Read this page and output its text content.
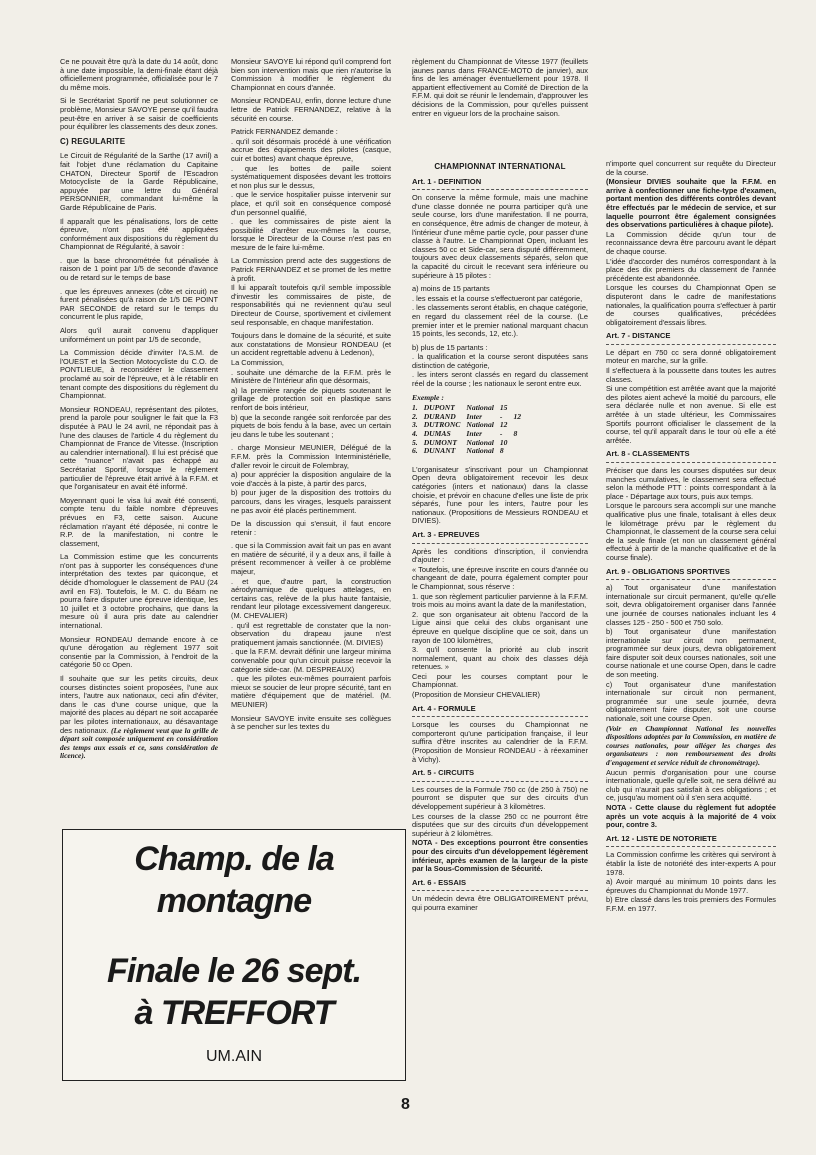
Ce ne pouvait être qu'à la date du 14 août, donc à une date impossible, la demi-finale étant déjà officiellement programmée, officialisée pour le 7 du même mois.

Si le Secrétariat Sportif ne peut solutionner ce problème, Monsieur SAVOYE pense qu'il faudra peut-être en arriver à se saisir de coefficients pour équilibrer les classements des deux zones.

C) REGULARITE

Le Circuit de Régularité de la Sarthe (17 avril) a fait l'objet d'une réclamation du Capitaine CHATON, Directeur Sportif de l'Escadron Motocycliste de la Garde Républicaine, appuyée par une lettre du Général PERSONNIER, commandant lui-même la Garde Républicaine de Paris.

Il apparaît que les pénalisations, lors de cette épreuve, n'ont pas été appliquées conformément aux dispositions du règlement du Championnat de Régularité, à savoir :

. que la base chronométrée fut pénalisée à raison de 1 point par 1/5 de seconde d'avance ou de retard sur le temps de base

. que les épreuves annexes (côte et circuit) ne furent pénalisées qu'à raison de 1/5 DE POINT PAR SECONDE de retard sur le temps du concurrent le plus rapide,

Alors qu'il aurait convenu d'appliquer uniformément un point par 1/5 de seconde,

La Commission décide d'inviter l'A.S.M. de l'OUEST et la Section Motocycliste du C.O. de PONTLIEUE, à reconsidérer le classement proclamé au soir de l'épreuve, et à le rétablir en tenant compte des dispositions du règlement du Championnat.

Monsieur RONDEAU, représentant des pilotes, prend la parole pour souligner le fait que la F3 disputée à PAU le 24 avril, ne répondait pas à l'une des clauses de l'article 4 du règlement du Championnat de France de Vitesse. (Inscription au calendrier international). Il lui est précisé que cette "nuance" n'avait pas échappé au Secrétariat Sportif, lorsque le règlement particulier de l'épreuve était arrivé à la F.F.M. et que l'organisateur en avait été informé.

Moyennant quoi le visa lui avait été consenti, compte tenu du faible nombre d'épreuves prévues en F3, cette saison. Aucune réclamation n'ayant été déposée, ni contre le R.P. de la manifestation, ni contre le classement,

La Commission estime que les concurrents n'ont pas à supporter les conséquences d'une interprétation des textes par quiconque, et décide d'homologuer le classement de PAU (24 avril en F3). Toutefois, le M. C. du Béarn ne pourra faire disputer une épreuve identique, les 10 juillet et 3 octobre prochains, que dans la mesure où il aura pris date au calendrier international.

Monsieur RONDEAU demande encore à ce qu'une dérogation au règlement 1977 soit consentie par la Commission, à l'endroit de la catégorie 50 cc Open.

Il souhaite que sur les petits circuits, deux courses distinctes soient proposées, l'une aux inters, l'autre aux nationaux, ceci afin d'éviter, dans le cas d'une course unique, que la majorité des places au départ ne soit accaparée par les pilotes internationaux, au désavantage des nationaux. (Le règlement veut que la grille de départ soit composée uniquement en considération des temps aux essais et ce, sans considération de licence).

Monsieur SAVOYE lui répond qu'il comprend fort bien son intervention mais que rien n'autorise la Commission à modifier le règlement du Championnat en cours d'année.

Monsieur RONDEAU, enfin, donne lecture d'une lettre de Patrick FERNANDEZ, relative à la sécurité en course.

Patrick FERNANDEZ demande :

. qu'il soit désormais procédé à une vérification accrue des équipements des pilotes (casque, cuir et bottes) avant chaque épreuve,

. que les bottes de paille soient systématiquement disposées devant les trottoirs et non plus sur le dessus,

. que le service hospitalier puisse intervenir sur place, et qu'il soit en conséquence composé d'un personnel qualifié,

. que les commissaires de piste aient la possibilité d'arrêter eux-mêmes la course, lorsque le Directeur de la Course n'est pas en mesure de le faire lui-même.

La Commission prend acte des suggestions de Patrick FERNANDEZ et se promet de les mettre à profit.

Il lui apparaît toutefois qu'il semble impossible d'investir les commissaires de piste, de responsabilités qui ne reviennent qu'au seul Directeur de Course, sportivement et civilement seul responsable, en chaque manifestation.

Toujours dans le domaine de la sécurité, et suite aux constatations de Monsieur RONDEAU (et un accident regrettable advenu à Ledenon),

La Commission,

. souhaite une démarche de la F.F.M. près le Ministère de l'Intérieur afin que désormais,

a) la première rangée de piquets soutenant le grillage de protection soit en plastique sans renfort de bois intérieur,

b) que la seconde rangée soit renforcée par des piquets de bois fendu à la base, avec un certain jeu dans le tube les soutenant ;

. charge Monsieur MEUNIER, Délégué de la F.F.M. près la Commission Interministérielle, d'aller revoir le circuit de Folembray,

a) pour apprécier la disposition angulaire de la voie d'accès à la piste, à partir des parcs,

b) pour juger de la disposition des trottoirs du parcours, dans les virages, lesquels paraissent ne pas avoir été placés pertinemment.

De la discussion qui s'ensuit, il faut encore retenir :

. que si la Commission avait fait un pas en avant en matière de sécurité, il y a deux ans, il faille à présent recommencer à veiller à ce problème majeur,

. et que, d'autre part, la construction aérodynamique de quelques attelages, en certains cas, relève de la plus haute fantaisie, rendant leur pilotage excessivement dangereux. (M. CHEVALIER)

. qu'il est regrettable de constater que la non-observation du drapeau jaune n'est pratiquement jamais sanctionnée. (M. DIVIES)

. que la F.F.M. devrait définir une largeur minima convenable pour qu'un circuit puisse recevoir la catégorie side-car. (M. DESPREAUX)

. que les pilotes eux-mêmes pourraient parfois mieux se soucier de leur propre sécurité, tant en matière d'équipement que de matériel. (M. MEUNIER)

Monsieur SAVOYE invite ensuite ses collègues à se pencher sur les textes du

règlement du Championnat de Vitesse 1977 (feuillets jaunes parus dans FRANCE-MOTO de janvier), aux fins de les aménager éventuellement pour 1978. Il appartient effectivement au Comité de Direction de la F.F.M. qui doit se réunir le lendemain, d'approuver les décisions de la Commission, pour qu'elles puissent entrer en vigueur lors de la prochaine saison.

CHAMPIONNAT INTERNATIONAL
Art. 1 - DEFINITION

On conserve la même formule, mais une machine d'une classe donnée ne pourra participer qu'à une seule course, lors d'une manifestation. Il ne pourra, en conséquence, être admis de changer de moteur, à l'intérieur d'une même partie cycle, pour passer d'une classe à l'autre. Le Championnat Open, incluant les classes 50 cc et Side-car, sera disputé différemment, toujours avec deux classements séparés, selon que la capacité du circuit le recevant sera inférieure ou supérieure à 15 pilotes :

a) moins de 15 partants

. les essais et la course s'effectueront par catégorie,

. les classements seront établis, en chaque catégorie, en regard du classement réel de la course. (Le premier inter et le premier national marquant chacun 15 points, les seconds, 12, etc.).

b) plus de 15 partants :

. la qualification et la course seront disputées sans distinction de catégorie,

. les inters seront classés en regard du classement réel de la course ; les nationaux le seront entre eux.

Exemple :
1.	DUPONT	National	15	
2.	DURAND	Inter	-	12
3.	DUTRONC	National	12	
4.	DUMAS	Inter	-	8
5.	DUMONT	National	10	
6.	DUNANT	National	8	

L'organisateur s'inscrivant pour un Championnat Open devra obligatoirement recevoir les deux catégories (inters et nationaux) dans la classe choisie, et prévoir en chacune d'elles une liste de prix séparés, l'une pour les inters, l'autre pour les nationaux. (Propositions de Messieurs RONDEAU et DIVIES).

Art. 3 - EPREUVES

Après les conditions d'inscription, il conviendra d'ajouter :

« Toutefois, une épreuve inscrite en cours d'année ou changeant de date, pourra également compter pour le Championnat, sous réserve :

1. que son règlement particulier parvienne à la F.F.M. trois mois au moins avant la date de la manifestation,

2. que son organisateur ait obtenu l'accord de la Ligue ainsi que celui des clubs organisant une épreuve en quelque discipline que ce soit, dans un rayon de 100 kilomètres,

3. qu'il consente la priorité au club inscrit normalement, quant au choix des classes déjà retenues. »

Ceci pour les courses comptant pour le Championnat.

(Proposition de Monsieur CHEVALIER)

Art. 4 - FORMULE

Lorsque les courses du Championnat ne comporteront qu'une participation française, il leur suffira d'être inscrites au calendrier de la F.F.M. (Proposition de Monsieur RONDEAU - à réexaminer à Vichy).

Art. 5 - CIRCUITS

Les courses de la Formule 750 cc (de 250 à 750) ne pourront se disputer que sur des circuits d'un développement supérieur à 3 kilomètres.

Les courses de la classe 250 cc ne pourront être disputées que sur des circuits d'un développement supérieur à 2 kilomètres.

NOTA - Des exceptions pourront être consenties pour des circuits d'un développement légèrement inférieur, après examen de la largeur de la piste par la Sous-Commission de Sécurité.

Art. 6 - ESSAIS

Un médecin devra être OBLIGATOIREMENT prévu, qui pourra examiner

n'importe quel concurrent sur requête du Directeur de la course.

(Monsieur DIVIES souhaite que la F.F.M. en arrive à confectionner une fiche-type d'examen, portant mention des différents contrôles devant être effectués par le médecin de service, et sur laquelle pourront être également consignées des observations particulières à chaque pilote).

La Commission décide qu'un tour de reconnaissance devra être parcouru avant le départ de chaque course.

L'idée d'accorder des numéros correspondant à la place des dix premiers du classement de l'année précédente est abandonnée.

Lorsque les courses du Championnat Open se disputeront dans le cadre de manifestations nationales, la qualification pourra s'effectuer à partir de courses qualificatives, précédées obligatoirement d'essais libres.

Art. 7 - DISTANCE

Le départ en 750 cc sera donné obligatoirement moteur en marche, sur la grille.

Il s'effectuera à la poussette dans toutes les autres classes.

Si une compétition est arrêtée avant que la majorité des pilotes aient achevé la moitié du parcours, elle sera déclarée nulle et non avenue. Si elle est arrêtée à un stade ultérieur, les Commissaires Sportifs pourront officialiser le classement de la course, tel qu'il apparaît dans le tour où elle a été arrêtée.

Art. 8 - CLASSEMENTS

Préciser que dans les courses disputées sur deux manches cumulatives, le classement sera effectué selon la méthode PTT : points correspondant à la place - Départage aux tours, puis aux temps.

Lorsque le parcours sera accompli sur une manche qualificative plus une finale, totalisant à elles deux le kilométrage prévu par le règlement du Championnat, le classement de la course sera celui de la seule finale (et non un classement général effectué à partir de la manche qualificative et de la course finale).

Art. 9 - OBLIGATIONS SPORTIVES

a) Tout organisateur d'une manifestation internationale sur circuit permanent, qu'elle qu'elle soit, devra obligatoirement organiser dans l'année une journée de courses nationales incluant les 4 classes 125 - 250 - 500 et 750 solo.

b) Tout organisateur d'une manifestation internationale sur circuit non permanent, programmée sur deux jours, devra obligatoirement faire disputer soit deux courses nationales, soit une course nationale et une course Open, dans le cadre de son meeting.

c) Tout organisateur d'une manifestation internationale sur circuit non permanent, programmée sur une seule journée, devra obligatoirement faire disputer, soit une course nationale, soit une course Open.

(Voir en Championnat National les nouvelles dispositions adoptées par la Commission, en matière de courses nationales, pour alléger les charges des organisateurs : non remboursement des droits d'engagement et service réduit de chronométrage).

Aucun permis d'organisation pour une course internationale, quelle qu'elle soit, ne sera délivré au club qui n'aurait pas satisfait à ces obligations ; et ce, jusqu'au moment où il s'en sera acquitté.

NOTA - Cette clause du règlement fut adoptée après un vote acquis à la majorité de 4 voix pour, contre 3.

Art. 12 - LISTE DE NOTORIETE

La Commission confirme les critères qui serviront à établir la liste de notoriété des inter-experts A pour 1978.

a) Avoir marqué au minimum 10 points dans les épreuves du Championnat du Monde 1977.

b) Etre classé dans les trois premiers des Formules F.F.M. en 1977.

Champ. de la
montagne
Finale le 26 sept.
à TREFFORT
UM.AIN
8
